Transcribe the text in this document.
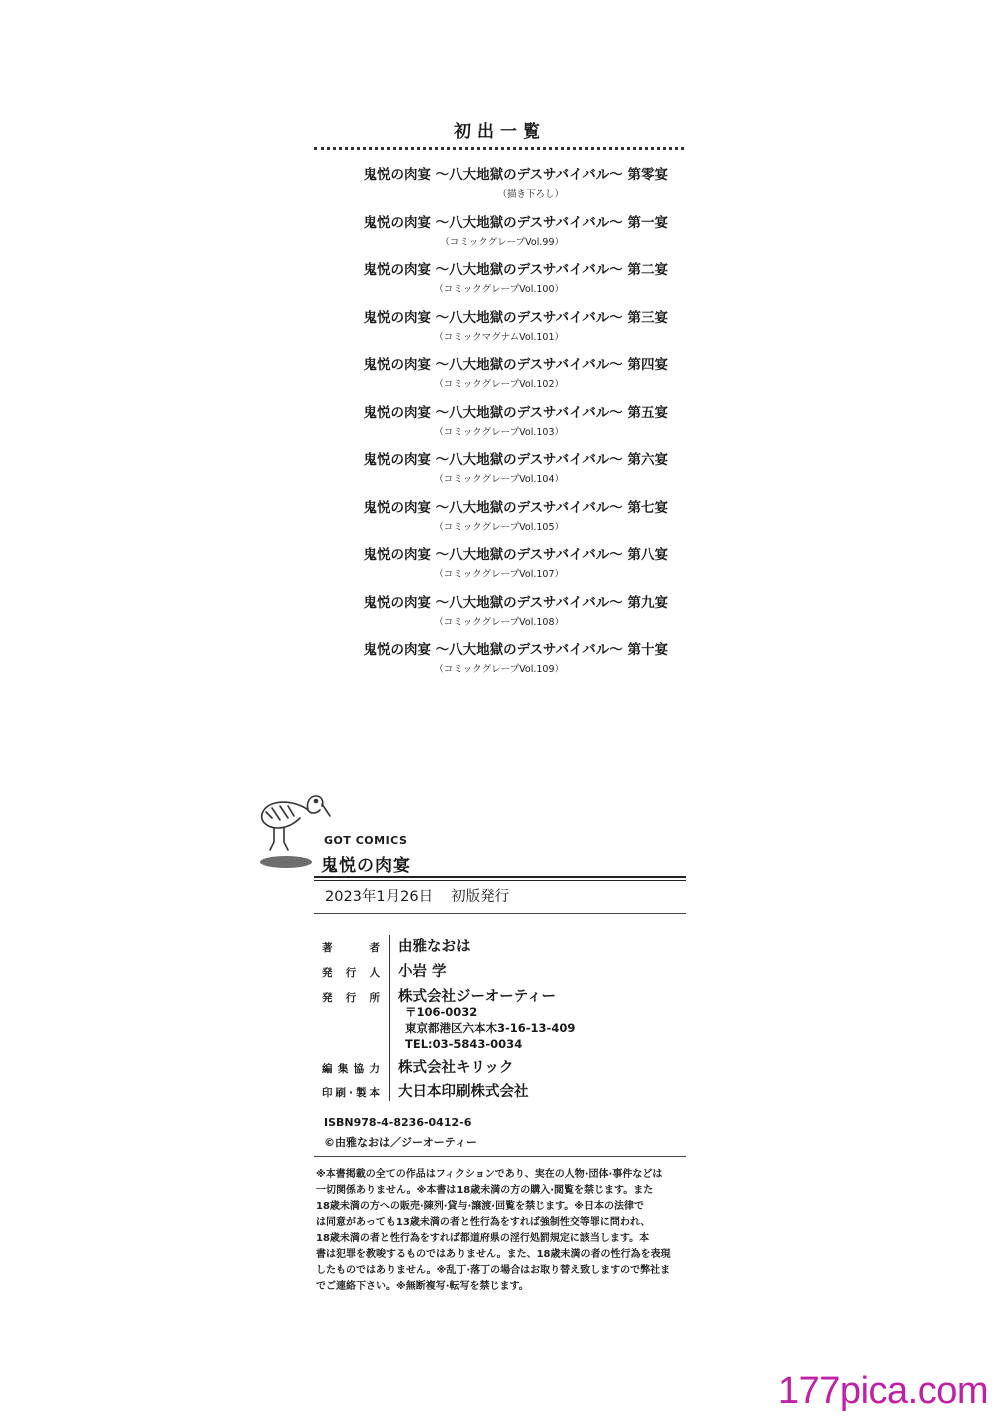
初出一覧
鬼悦の肉宴 〜八大地獄のデスサバイバル〜 第零宴
（描き下ろし）
鬼悦の肉宴 〜八大地獄のデスサバイバル〜 第一宴
（コミックグレープVol.99）
鬼悦の肉宴 〜八大地獄のデスサバイバル〜 第二宴
（コミックグレープVol.100）
鬼悦の肉宴 〜八大地獄のデスサバイバル〜 第三宴
（コミックマグナムVol.101）
鬼悦の肉宴 〜八大地獄のデスサバイバル〜 第四宴
（コミックグレープVol.102）
鬼悦の肉宴 〜八大地獄のデスサバイバル〜 第五宴
（コミックグレープVol.103）
鬼悦の肉宴 〜八大地獄のデスサバイバル〜 第六宴
（コミックグレープVol.104）
鬼悦の肉宴 〜八大地獄のデスサバイバル〜 第七宴
（コミックグレープVol.105）
鬼悦の肉宴 〜八大地獄のデスサバイバル〜 第八宴
（コミックグレープVol.107）
鬼悦の肉宴 〜八大地獄のデスサバイバル〜 第九宴
（コミックグレープVol.108）
鬼悦の肉宴 〜八大地獄のデスサバイバル〜 第十宴
（コミックグレープVol.109）
GOT COMICS
鬼悦の肉宴
2023年1月26日 初版発行
著者 由雅なおは
発行人 小岩 学
発行所 株式会社ジーオーティー
〒106-0032
東京都港区六本木3-16-13-409
TEL:03-5843-0034
編集協力 株式会社キリック
印刷·製本 大日本印刷株式会社
ISBN978-4-8236-0412-6
©由雅なおは／ジーオーティー
※本書掲載の全ての作品はフィクションであり、実在の人物·団体·事件などは
一切関係ありません。※本書は18歳未満の方の購入·閲覧を禁じます。また
18歳未満の方への販売·陳列·貸与·譲渡·回覧を禁じます。※日本の法律で
は同意があっても13歳未満の者と性行為をすれば強制性交等罪に問われ、
18歳未満の者と性行為をすれば都道府県の淫行処罰規定に該当します。本
書は犯罪を教唆するものではありません。また、18歳未満の者の性行為を表現
したものではありません。※乱丁·落丁の場合はお取り替え致しますので弊社ま
でご連絡下さい。※無断複写·転写を禁じます。
177pica.com
